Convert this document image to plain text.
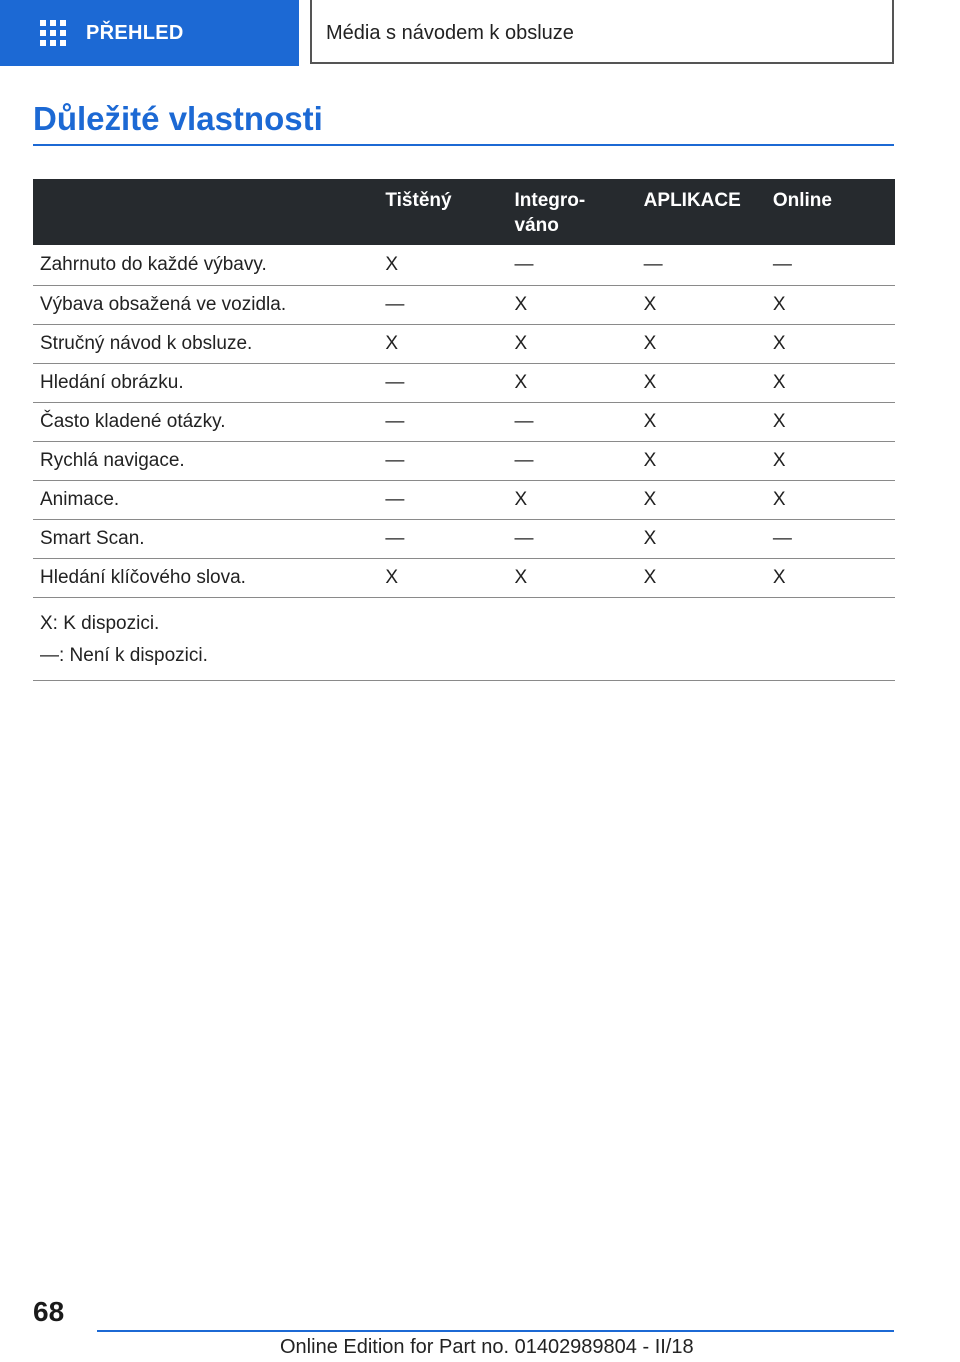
PŘEHLED	Média s návodem k obsluze
Důležité vlastnosti
	Tištěný	Integro-
váno	APLIKACE	Online
Zahrnuto do každé výbavy.	X	—	—	—
Výbava obsažená ve vozidla.	—	X	X	X
Stručný návod k obsluze.	X	X	X	X
Hledání obrázku.	—	X	X	X
Často kladené otázky.	—	—	X	X
Rychlá navigace.	—	—	X	X
Animace.	—	X	X	X
Smart Scan.	—	—	X	—
Hledání klíčového slova.	X	X	X	X

X: K dispozici.
—: Není k dispozici.				
68
Online Edition for Part no. 01402989804 - II/18
